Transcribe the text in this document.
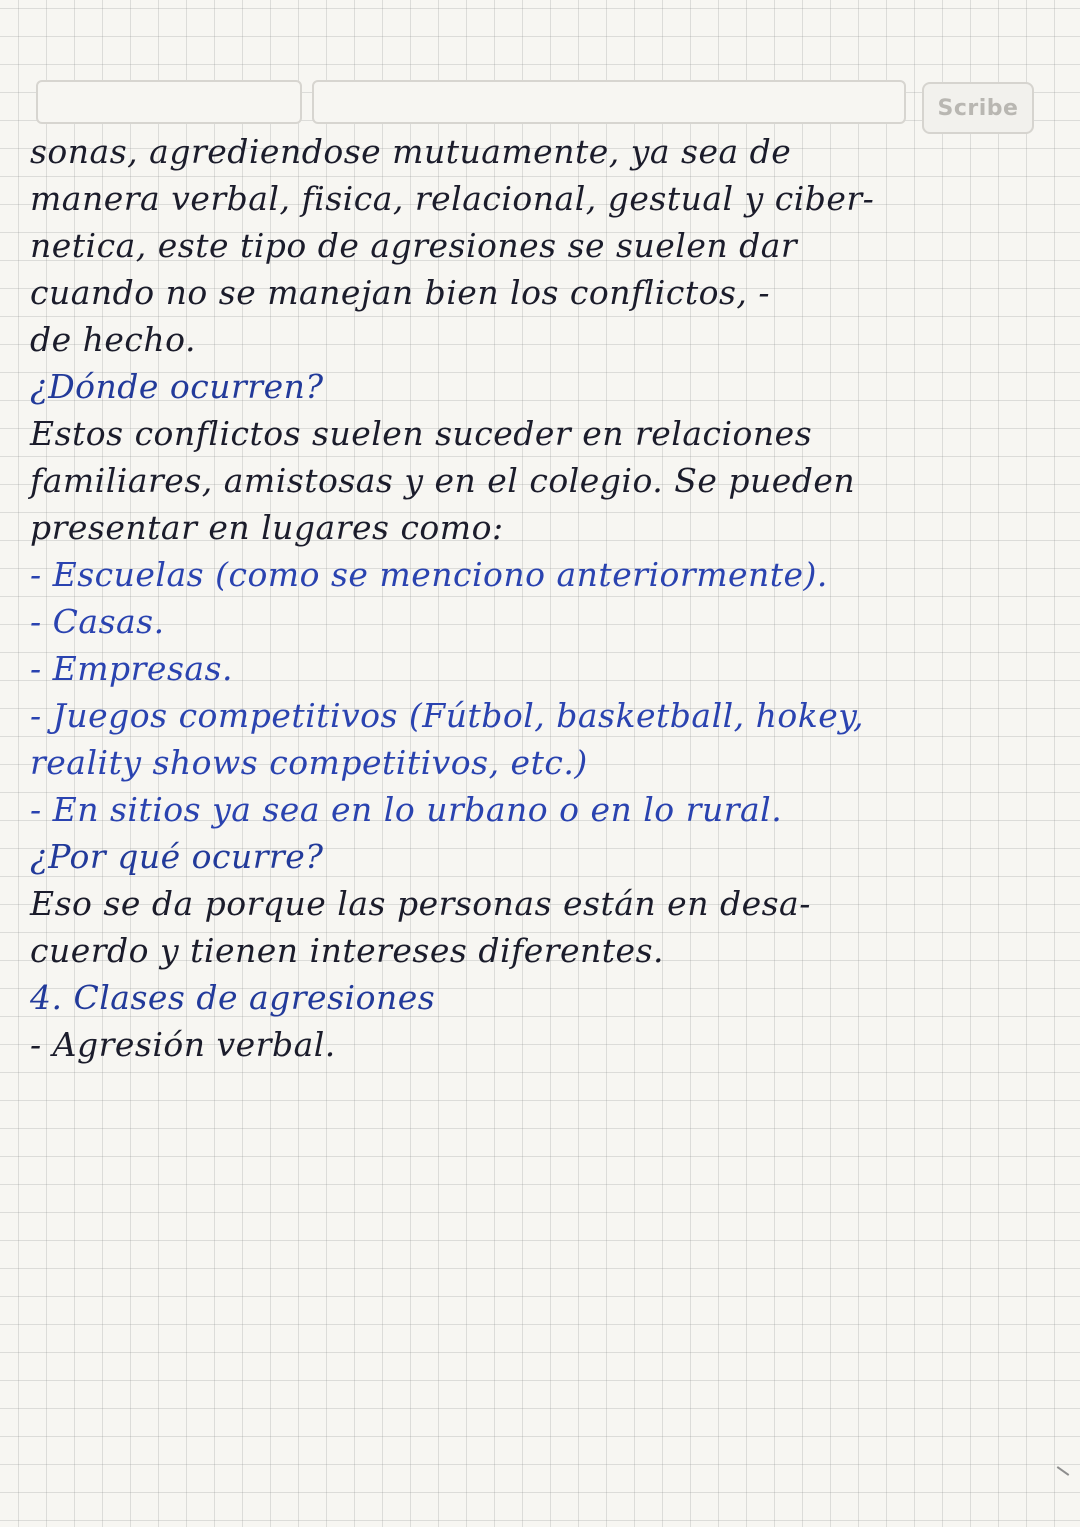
Scribe
sonas, agrediendose mutuamente, ya sea de
manera verbal, fisica, relacional, gestual y ciber-
netica, este tipo de agresiones se suelen dar
cuando no se manejan bien los conflictos, -
de hecho.
¿Dónde ocurren?
Estos conflictos suelen suceder en relaciones
familiares, amistosas y en el colegio. Se pueden
presentar en lugares como:
- Escuelas (como se menciono anteriormente).
- Casas.
- Empresas.
- Juegos competitivos (Fútbol, basketball, hokey,
reality shows competitivos, etc.)
- En sitios ya sea en lo urbano o en lo rural.
¿Por qué ocurre?
Eso se da porque las personas están en desa-
cuerdo y tienen intereses diferentes.
4. Clases de agresiones
- Agresión verbal.
